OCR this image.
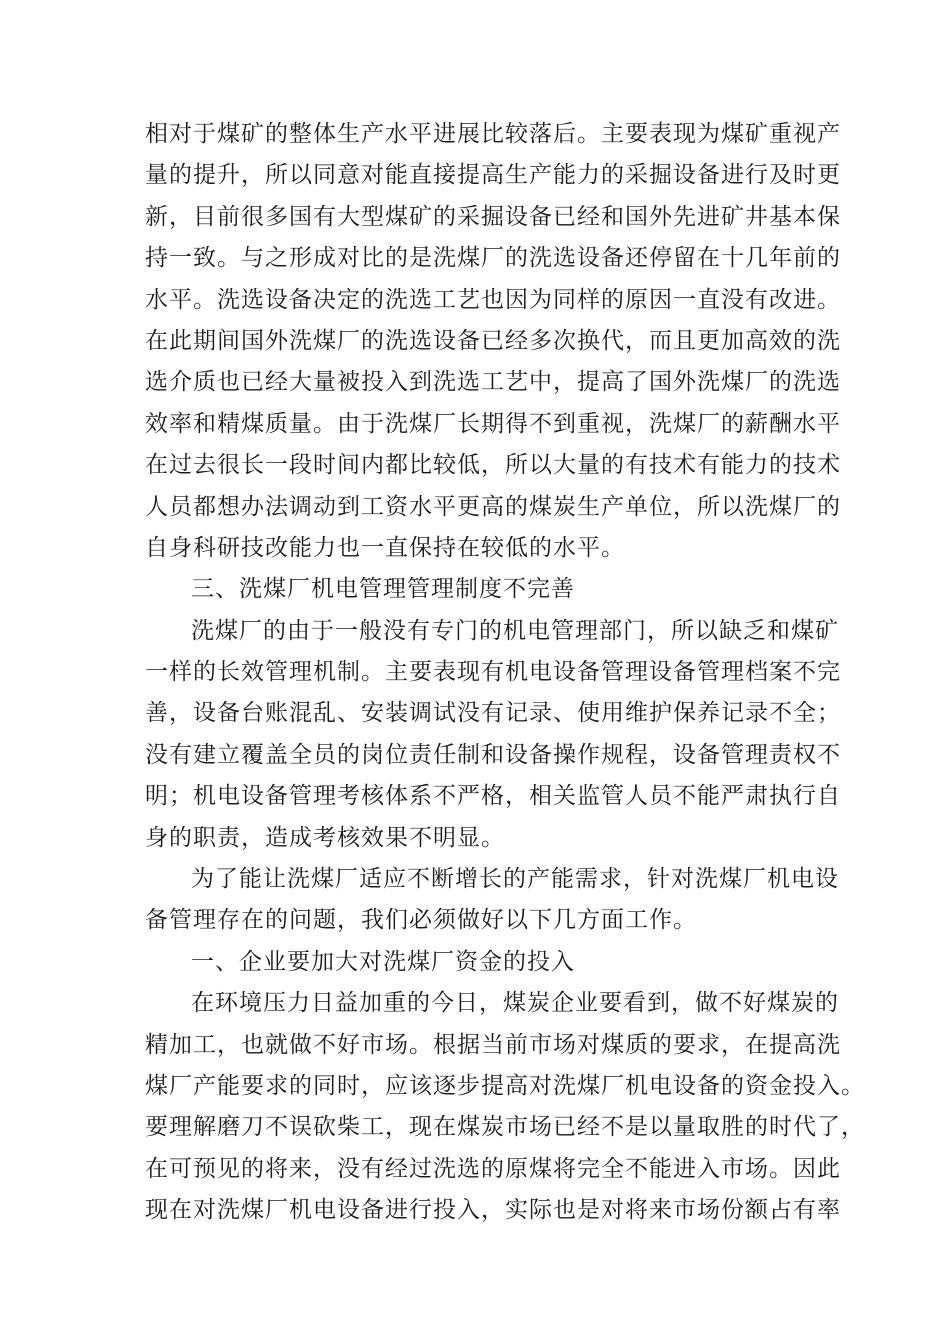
相对于煤矿的整体生产水平进展比较落后。主要表现为煤矿重视产
量的提升，所以同意对能直接提高生产能力的采掘设备进行及时更
新，目前很多国有大型煤矿的采掘设备已经和国外先进矿井基本保
持一致。与之形成对比的是洗煤厂的洗选设备还停留在十几年前的
水平。洗选设备决定的洗选工艺也因为同样的原因一直没有改进。
在此期间国外洗煤厂的洗选设备已经多次换代，而且更加高效的洗
选介质也已经大量被投入到洗选工艺中，提高了国外洗煤厂的洗选
效率和精煤质量。由于洗煤厂长期得不到重视，洗煤厂的薪酬水平
在过去很长一段时间内都比较低，所以大量的有技术有能力的技术
人员都想办法调动到工资水平更高的煤炭生产单位，所以洗煤厂的
自身科研技改能力也一直保持在较低的水平。
三、洗煤厂机电管理管理制度不完善
洗煤厂的由于一般没有专门的机电管理部门，所以缺乏和煤矿
一样的长效管理机制。主要表现有机电设备管理设备管理档案不完
善，设备台账混乱、安装调试没有记录、使用维护保养记录不全；
没有建立覆盖全员的岗位责任制和设备操作规程，设备管理责权不
明；机电设备管理考核体系不严格，相关监管人员不能严肃执行自
身的职责，造成考核效果不明显。
为了能让洗煤厂适应不断增长的产能需求，针对洗煤厂机电设
备管理存在的问题，我们必须做好以下几方面工作。
一、企业要加大对洗煤厂资金的投入
在环境压力日益加重的今日，煤炭企业要看到，做不好煤炭的
精加工，也就做不好市场。根据当前市场对煤质的要求，在提高洗
煤厂产能要求的同时，应该逐步提高对洗煤厂机电设备的资金投入。
要理解磨刀不误砍柴工，现在煤炭市场已经不是以量取胜的时代了，
在可预见的将来，没有经过洗选的原煤将完全不能进入市场。因此
现在对洗煤厂机电设备进行投入，实际也是对将来市场份额占有率
